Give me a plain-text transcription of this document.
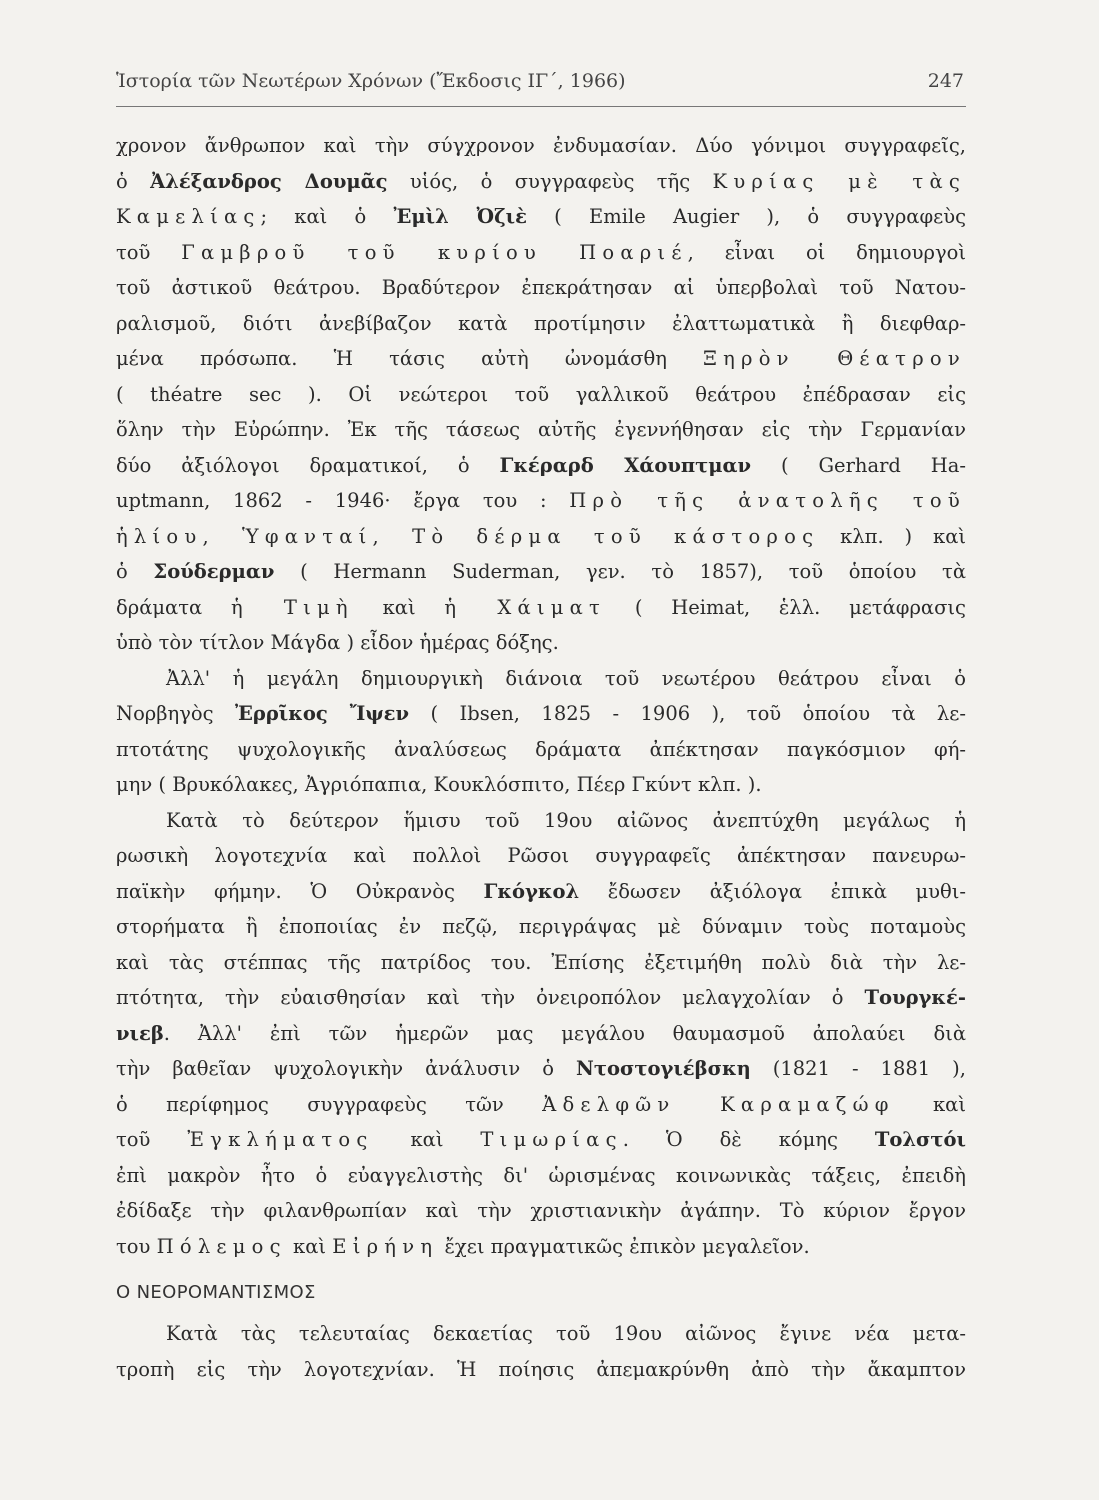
Ἱστορία τῶν Νεωτέρων Χρόνων (Ἔκδοσις ΙΓ΄, 1966)	247
χρονον ἄνθρωπον καὶ τὴν σύγχρονον ἐνδυμασίαν. Δύο γόνιμοι συγγραφεῖς,
ὁ Ἀλέξανδρος Δουμᾶς υἱός, ὁ συγγραφεὺς τῆς Κυρίας μὲ τὰς
Καμελίας; καὶ ὁ Ἐμὶλ Ὀζιὲ ( Emile Augier ), ὁ συγγραφεὺς
τοῦ Γαμβροῦ τοῦ κυρίου Ποαριέ, εἶναι οἱ δημιουργοὶ
τοῦ ἀστικοῦ θεάτρου. Βραδύτερον ἐπεκράτησαν αἱ ὑπερβολαὶ τοῦ Νατου-
ραλισμοῦ, διότι ἀνεβίβαζον κατὰ προτίμησιν ἐλαττωματικὰ ἢ διεφθαρ-
μένα πρόσωπα. Ἡ τάσις αὐτὴ ὠνομάσθη Ξηρὸν Θέατρον
( théatre sec ). Οἱ νεώτεροι τοῦ γαλλικοῦ θεάτρου ἐπέδρασαν εἰς
ὅλην τὴν Εὐρώπην. Ἐκ τῆς τάσεως αὐτῆς ἐγεννήθησαν εἰς τὴν Γερμανίαν
δύο ἀξιόλογοι δραματικοί, ὁ Γκέραρδ Χάουπτμαν ( Gerhard Ha-
uptmann, 1862 - 1946· ἔργα του : Πρὸ τῆς ἀνατολῆς τοῦ
ἡλίου, Ὑφανταί, Τὸ δέρμα τοῦ κάστορος κλπ. ) καὶ
ὁ Σούδερμαν ( Hermann Suderman, γεν. τὸ 1857), τοῦ ὁποίου τὰ
δράματα ἡ Τιμὴ καὶ ἡ Χάιματ ( Heimat, ἑλλ. μετάφρασις
ὑπὸ τὸν τίτλον Μάγδα ) εἶδον ἡμέρας δόξης.
Ἀλλ' ἡ μεγάλη δημιουργικὴ διάνοια τοῦ νεωτέρου θεάτρου εἶναι ὁ
Νορβηγὸς Ἐρρῖκος Ἴψεν ( Ibsen, 1825 - 1906 ), τοῦ ὁποίου τὰ λε-
πτοτάτης ψυχολογικῆς ἀναλύσεως δράματα ἀπέκτησαν παγκόσμιον φή-
μην ( Βρυκόλακες, Ἀγριόπαπια, Κουκλόσπιτο, Πέερ Γκύντ κλπ. ).
Κατὰ τὸ δεύτερον ἥμισυ τοῦ 19ου αἰῶνος ἀνεπτύχθη μεγάλως ἡ
ρωσικὴ λογοτεχνία καὶ πολλοὶ Ρῶσοι συγγραφεῖς ἀπέκτησαν πανευρω-
παϊκὴν φήμην. Ὁ Οὐκρανὸς Γκόγκολ ἔδωσεν ἀξιόλογα ἐπικὰ μυθι-
στορήματα ἢ ἐποποιίας ἐν πεζῷ, περιγράψας μὲ δύναμιν τοὺς ποταμοὺς
καὶ τὰς στέππας τῆς πατρίδος του. Ἐπίσης ἐξετιμήθη πολὺ διὰ τὴν λε-
πτότητα, τὴν εὐαισθησίαν καὶ τὴν ὀνειροπόλον μελαγχολίαν ὁ Τουργκέ-
νιεβ. Ἀλλ' ἐπὶ τῶν ἡμερῶν μας μεγάλου θαυμασμοῦ ἀπολαύει διὰ
τὴν βαθεῖαν ψυχολογικὴν ἀνάλυσιν ὁ Ντοστογιέβσκη (1821 - 1881 ),
ὁ περίφημος συγγραφεὺς τῶν Ἀδελφῶν Καραμαζώφ καὶ
τοῦ Ἐγκλήματος καὶ Τιμωρίας. Ὁ δὲ κόμης Τολστόι
ἐπὶ μακρὸν ἦτο ὁ εὐαγγελιστὴς δι' ὡρισμένας κοινωνικὰς τάξεις, ἐπειδὴ
ἐδίδαξε τὴν φιλανθρωπίαν καὶ τὴν χριστιανικὴν ἀγάπην. Τὸ κύριον ἔργον
του Πόλεμος καὶ Εἰρήνη ἔχει πραγματικῶς ἐπικὸν μεγαλεῖον.
Ο ΝΕΟΡΟΜΑΝΤΙΣΜΟΣ
Κατὰ τὰς τελευταίας δεκαετίας τοῦ 19ου αἰῶνος ἔγινε νέα μετα-
τροπὴ εἰς τὴν λογοτεχνίαν. Ἡ ποίησις ἀπεμακρύνθη ἀπὸ τὴν ἄκαμπτον
